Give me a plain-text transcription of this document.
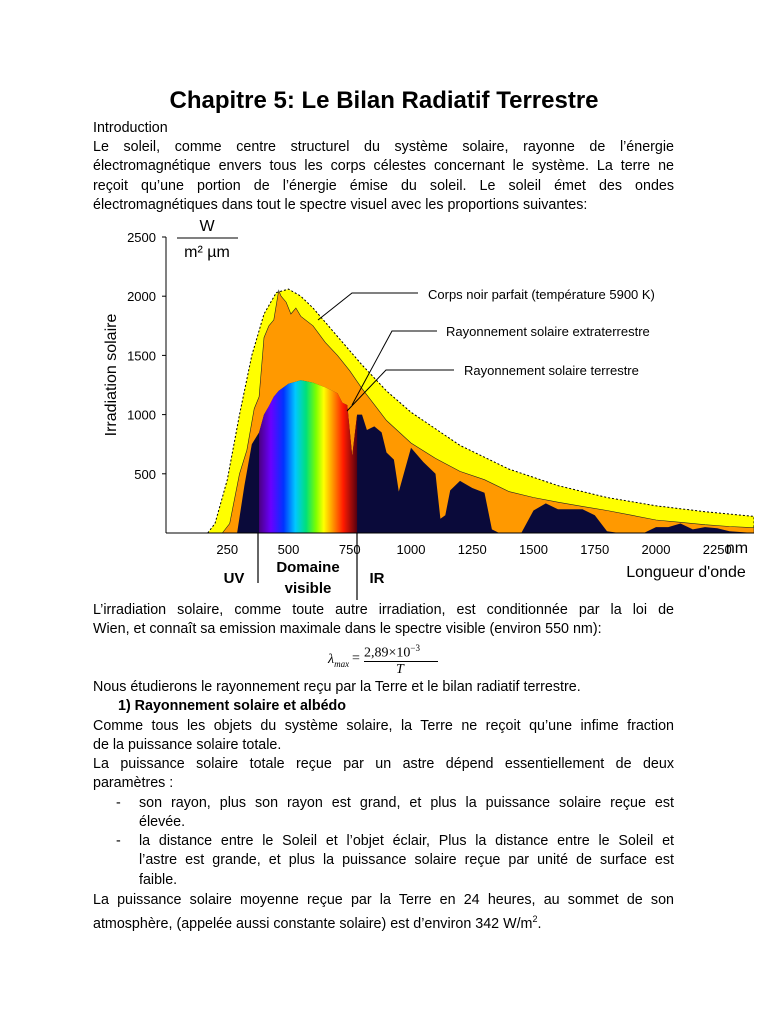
Chapitre 5: Le Bilan Radiatif Terrestre
Introduction
Le soleil, comme centre structurel du système solaire, rayonne de l’énergie
électromagnétique envers tous les corps célestes concernant le système. La terre ne
reçoit qu’une portion de l’énergie émise du soleil. Le soleil émet des ondes
électromagnétiques dans tout le spectre visuel avec les proportions suivantes:
500
1000
1500
2000
2500
250	500	750	1000 1250 1500 1750 2000 2250
Irradiation solaire
W
m² µm
nm
Longueur d'onde
UV
Domaine
visible
IR
Corps noir parfait (température 5900 K)
Rayonnement solaire extraterrestre
Rayonnement solaire terrestre
L’irradiation solaire, comme toute autre irradiation, est conditionnée par la loi de
Wien, et connaît sa emission maximale dans le spectre visible (environ 550 nm):
$\lambda_{max} = 2,89\times 10^{-3}$
T
Nous étudierons le rayonnement reçu par la Terre et le bilan radiatif terrestre.
1) Rayonnement solaire et albédo
Comme tous les objets du système solaire, la Terre ne reçoit qu’une infime fraction
de la puissance solaire totale.
La puissance solaire totale reçue par un astre dépend essentiellement de deux
paramètres :
- son rayon, plus son rayon est grand, et plus la puissance solaire reçue est
élevée.
- la distance entre le Soleil et l’objet éclair, Plus la distance entre le Soleil et
l’astre est grande, et plus la puissance solaire reçue par unité de surface est
faible.
La puissance solaire moyenne reçue par la Terre en 24 heures, au sommet de son
atmosphère, (appelée aussi constante solaire) est d’environ 342 $W/m^2$.
